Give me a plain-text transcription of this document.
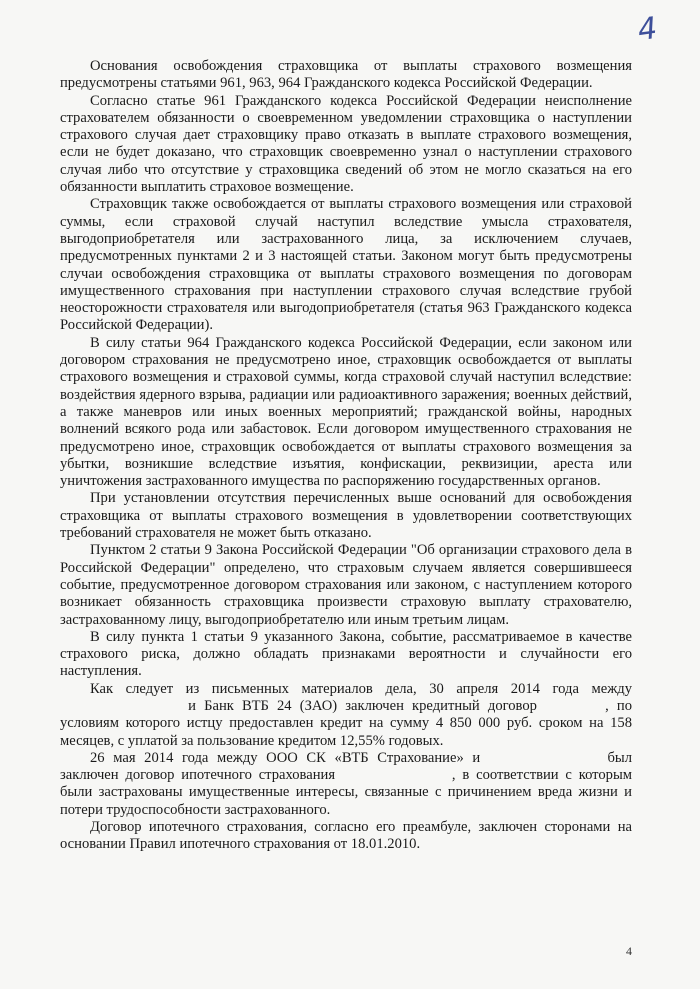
4

Основания освобождения страховщика от выплаты страхового возмещения предусмотрены статьями 961, 963, 964 Гражданского кодекса Российской Федерации.

Согласно статье 961 Гражданского кодекса Российской Федерации неисполнение страхователем обязанности о своевременном уведомлении страховщика о наступлении страхового случая дает страховщику право отказать в выплате страхового возмещения, если не будет доказано, что страховщик своевременно узнал о наступлении страхового случая либо что отсутствие у страховщика сведений об этом не могло сказаться на его обязанности выплатить страховое возмещение.

Страховщик также освобождается от выплаты страхового возмещения или страховой суммы, если страховой случай наступил вследствие умысла страхователя, выгодоприобретателя или застрахованного лица, за исключением случаев, предусмотренных пунктами 2 и 3 настоящей статьи. Законом могут быть предусмотрены случаи освобождения страховщика от выплаты страхового возмещения по договорам имущественного страхования при наступлении страхового случая вследствие грубой неосторожности страхователя или выгодоприобретателя (статья 963 Гражданского кодекса Российской Федерации).

В силу статьи 964 Гражданского кодекса Российской Федерации, если законом или договором страхования не предусмотрено иное, страховщик освобождается от выплаты страхового возмещения и страховой суммы, когда страховой случай наступил вследствие: воздействия ядерного взрыва, радиации или радиоактивного заражения; военных действий, а также маневров или иных военных мероприятий; гражданской войны, народных волнений всякого рода или забастовок. Если договором имущественного страхования не предусмотрено иное, страховщик освобождается от выплаты страхового возмещения за убытки, возникшие вследствие изъятия, конфискации, реквизиции, ареста или уничтожения застрахованного имущества по распоряжению государственных органов.

При установлении отсутствия перечисленных выше оснований для освобождения страховщика от выплаты страхового возмещения в удовлетворении соответствующих требований страхователя не может быть отказано.

Пунктом 2 статьи 9 Закона Российской Федерации "Об организации страхового дела в Российской Федерации" определено, что страховым случаем является совершившееся событие, предусмотренное договором страхования или законом, с наступлением которого возникает обязанность страховщика произвести страховую выплату страхователю, застрахованному лицу, выгодоприобретателю или иным третьим лицам.

В силу пункта 1 статьи 9 указанного Закона, событие, рассматриваемое в качестве страхового риска, должно обладать признаками вероятности и случайности его наступления.

Как следует из письменных материалов дела, 30 апреля 2014 года между  и Банк ВТБ 24 (ЗАО) заключен кредитный договор	, по условиям которого истцу предоставлен кредит на сумму 4 850 000 руб. сроком на 158 месяцев, с уплатой за пользование кредитом 12,55% годовых.

26 мая 2014 года между ООО СК «ВТБ Страхование» и	был заключен договор ипотечного страхования	, в соответствии с которым были застрахованы имущественные интересы, связанные с причинением вреда жизни и потери трудоспособности застрахованного.

Договор ипотечного страхования, согласно его преамбуле, заключен сторонами на основании Правил ипотечного страхования от 18.01.2010.

4
